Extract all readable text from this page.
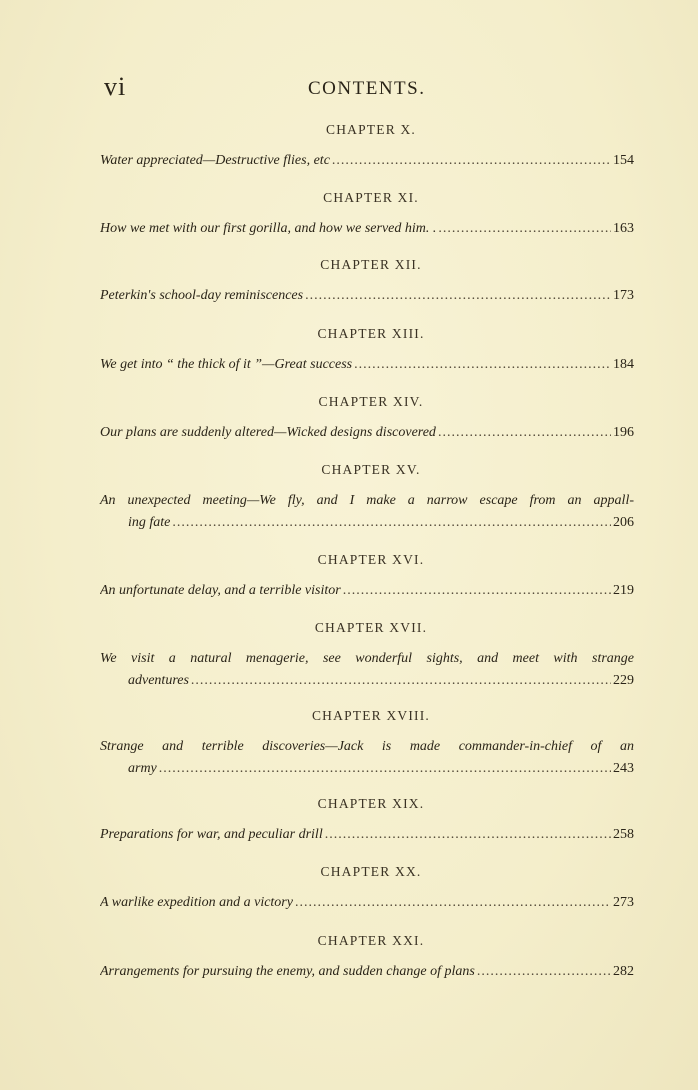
vi	CONTENTS.
CHAPTER X.
Water appreciated—Destructive flies, etc .....	154
CHAPTER XI.
How we met with our first gorilla, and how we served him. . .....	163
CHAPTER XII.
Peterkin's school-day reminiscences .....	173
CHAPTER XIII.
We get into “ the thick of it ”—Great success .....	184
CHAPTER XIV.
Our plans are suddenly altered—Wicked designs discovered .....	196
CHAPTER XV.
An unexpected meeting—We fly, and I make a narrow escape from an appall-
ing fate .....	206
CHAPTER XVI.
An unfortunate delay, and a terrible visitor .....	219
CHAPTER XVII.
We visit a natural menagerie, see wonderful sights, and meet with strange
adventures .....	229
CHAPTER XVIII.
Strange and terrible discoveries—Jack is made commander-in-chief of an
army .....	243
CHAPTER XIX.
Preparations for war, and peculiar drill .....	258
CHAPTER XX.
A warlike expedition and a victory .....	273
CHAPTER XXI.
Arrangements for pursuing the enemy, and sudden change of plans .....	282
